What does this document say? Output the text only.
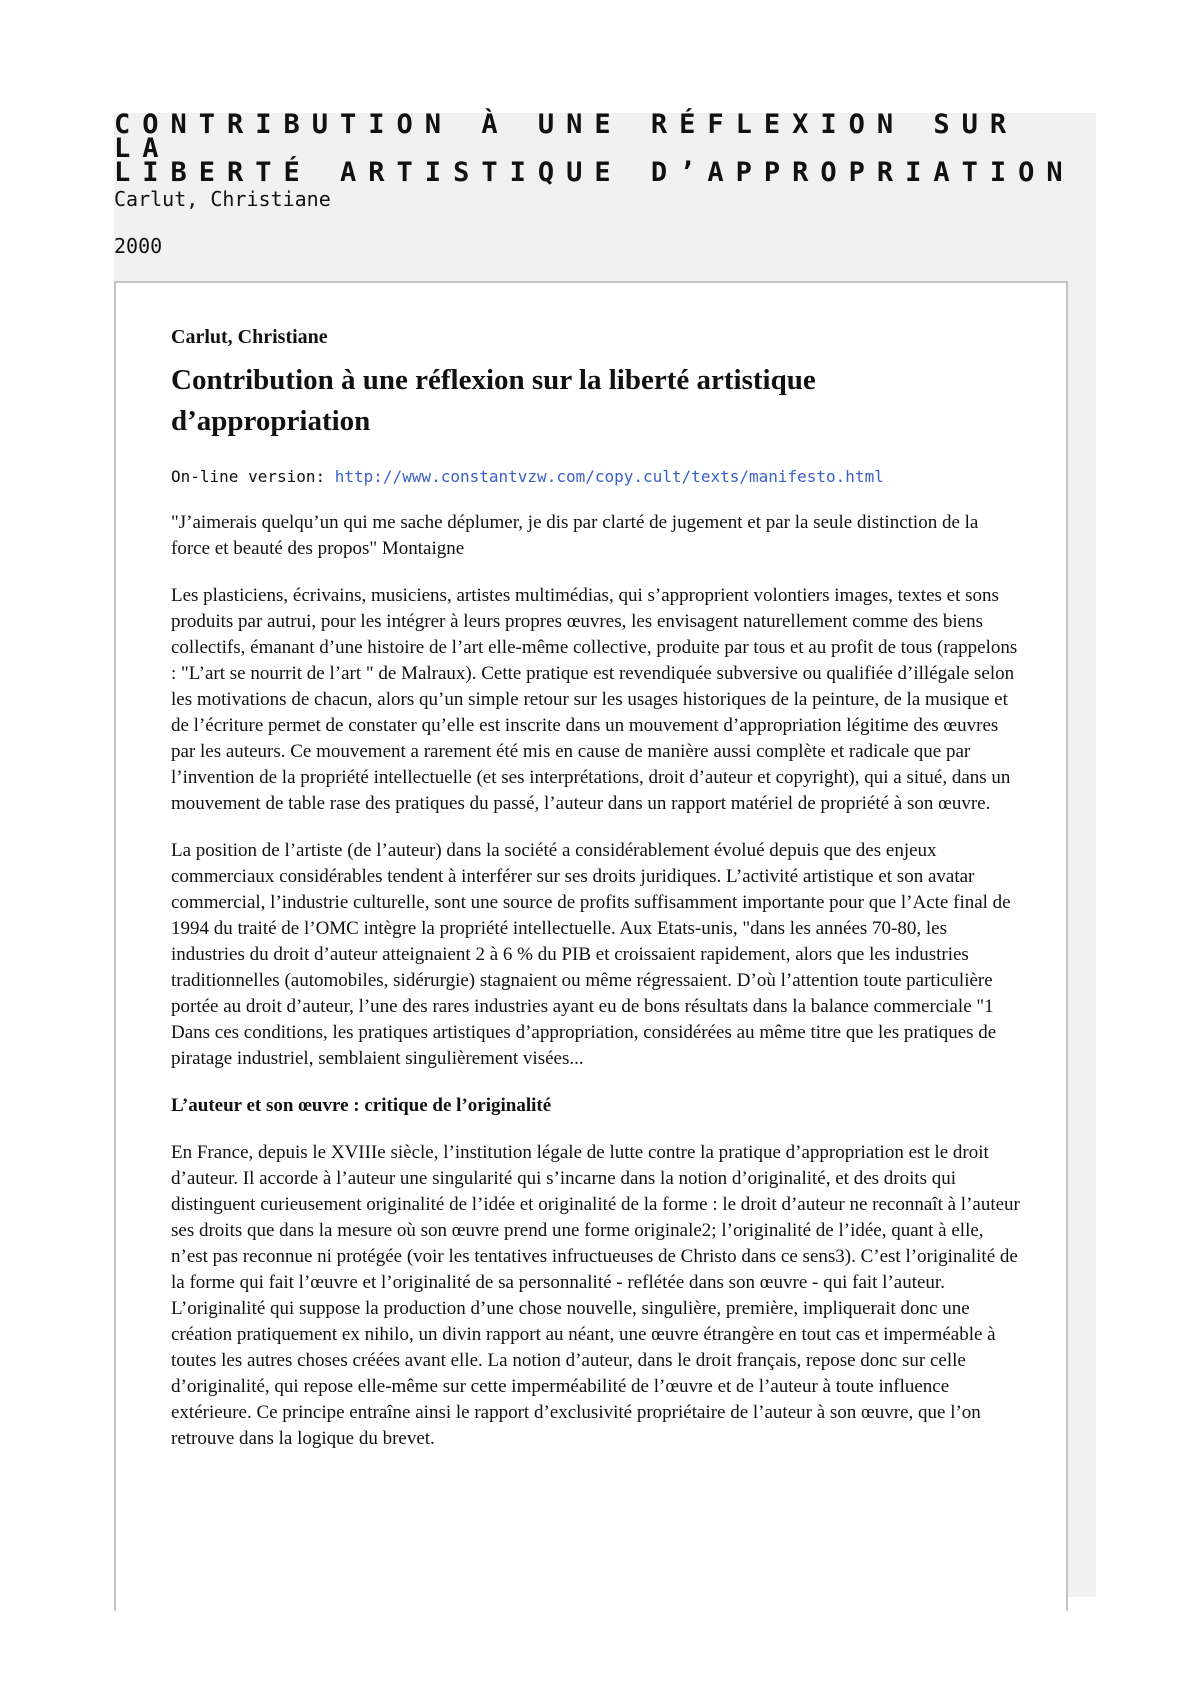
CONTRIBUTION À UNE RÉFLEXION SUR LA
LIBERTÉ ARTISTIQUE D’APPROPRIATION

Carlut, Christiane

2000

Carlut, Christiane

Contribution à une réflexion sur la liberté artistique
d’appropriation

On-line version: http://www.constantvzw.com/copy.cult/texts/manifesto.html

"J’aimerais quelqu’un qui me sache déplumer, je dis par clarté de jugement et par la seule distinction de la force et beauté des propos" Montaigne

Les plasticiens, écrivains, musiciens, artistes multimédias, qui s’approprient volontiers images, textes et sons produits par autrui, pour les intégrer à leurs propres œuvres, les envisagent naturellement comme des biens collectifs, émanant d’une histoire de l’art elle-même collective, produite par tous et au profit de tous (rappelons : "L’art se nourrit de l’art " de Malraux). Cette pratique est revendiquée subversive ou qualifiée d’illégale selon les motivations de chacun, alors qu’un simple retour sur les usages historiques de la peinture, de la musique et de l’écriture permet de constater qu’elle est inscrite dans un mouvement d’appropriation légitime des œuvres par les auteurs. Ce mouvement a rarement été mis en cause de manière aussi complète et radicale que par l’invention de la propriété intellectuelle (et ses interprétations, droit d’auteur et copyright), qui a situé, dans un mouvement de table rase des pratiques du passé, l’auteur dans un rapport matériel de propriété à son œuvre.

La position de l’artiste (de l’auteur) dans la société a considérablement évolué depuis que des enjeux commerciaux considérables tendent à interférer sur ses droits juridiques. L’activité artistique et son avatar commercial, l’industrie culturelle, sont une source de profits suffisamment importante pour que l’Acte final de 1994 du traité de l’OMC intègre la propriété intellectuelle. Aux Etats-unis, "dans les années 70-80, les industries du droit d’auteur atteignaient 2 à 6 % du PIB et croissaient rapidement, alors que les industries traditionnelles (automobiles, sidérurgie) stagnaient ou même régressaient. D’où l’attention toute particulière portée au droit d’auteur, l’une des rares industries ayant eu de bons résultats dans la balance commerciale "1 Dans ces conditions, les pratiques artistiques d’appropriation, considérées au même titre que les pratiques de piratage industriel, semblaient singulièrement visées...

L’auteur et son œuvre : critique de l’originalité

En France, depuis le XVIIIe siècle, l’institution légale de lutte contre la pratique d’appropriation est le droit d’auteur. Il accorde à l’auteur une singularité qui s’incarne dans la notion d’originalité, et des droits qui distinguent curieusement originalité de l’idée et originalité de la forme : le droit d’auteur ne reconnaît à l’auteur ses droits que dans la mesure où son œuvre prend une forme originale2; l’originalité de l’idée, quant à elle, n’est pas reconnue ni protégée (voir les tentatives infructueuses de Christo dans ce sens3). C’est l’originalité de la forme qui fait l’œuvre et l’originalité de sa personnalité - reflétée dans son œuvre - qui fait l’auteur. L’originalité qui suppose la production d’une chose nouvelle, singulière, première, impliquerait donc une création pratiquement ex nihilo, un divin rapport au néant, une œuvre étrangère en tout cas et imperméable à toutes les autres choses créées avant elle. La notion d’auteur, dans le droit français, repose donc sur celle d’originalité, qui repose elle-même sur cette imperméabilité de l’œuvre et de l’auteur à toute influence extérieure. Ce principe entraîne ainsi le rapport d’exclusivité propriétaire de l’auteur à son œuvre, que l’on retrouve dans la logique du brevet.
